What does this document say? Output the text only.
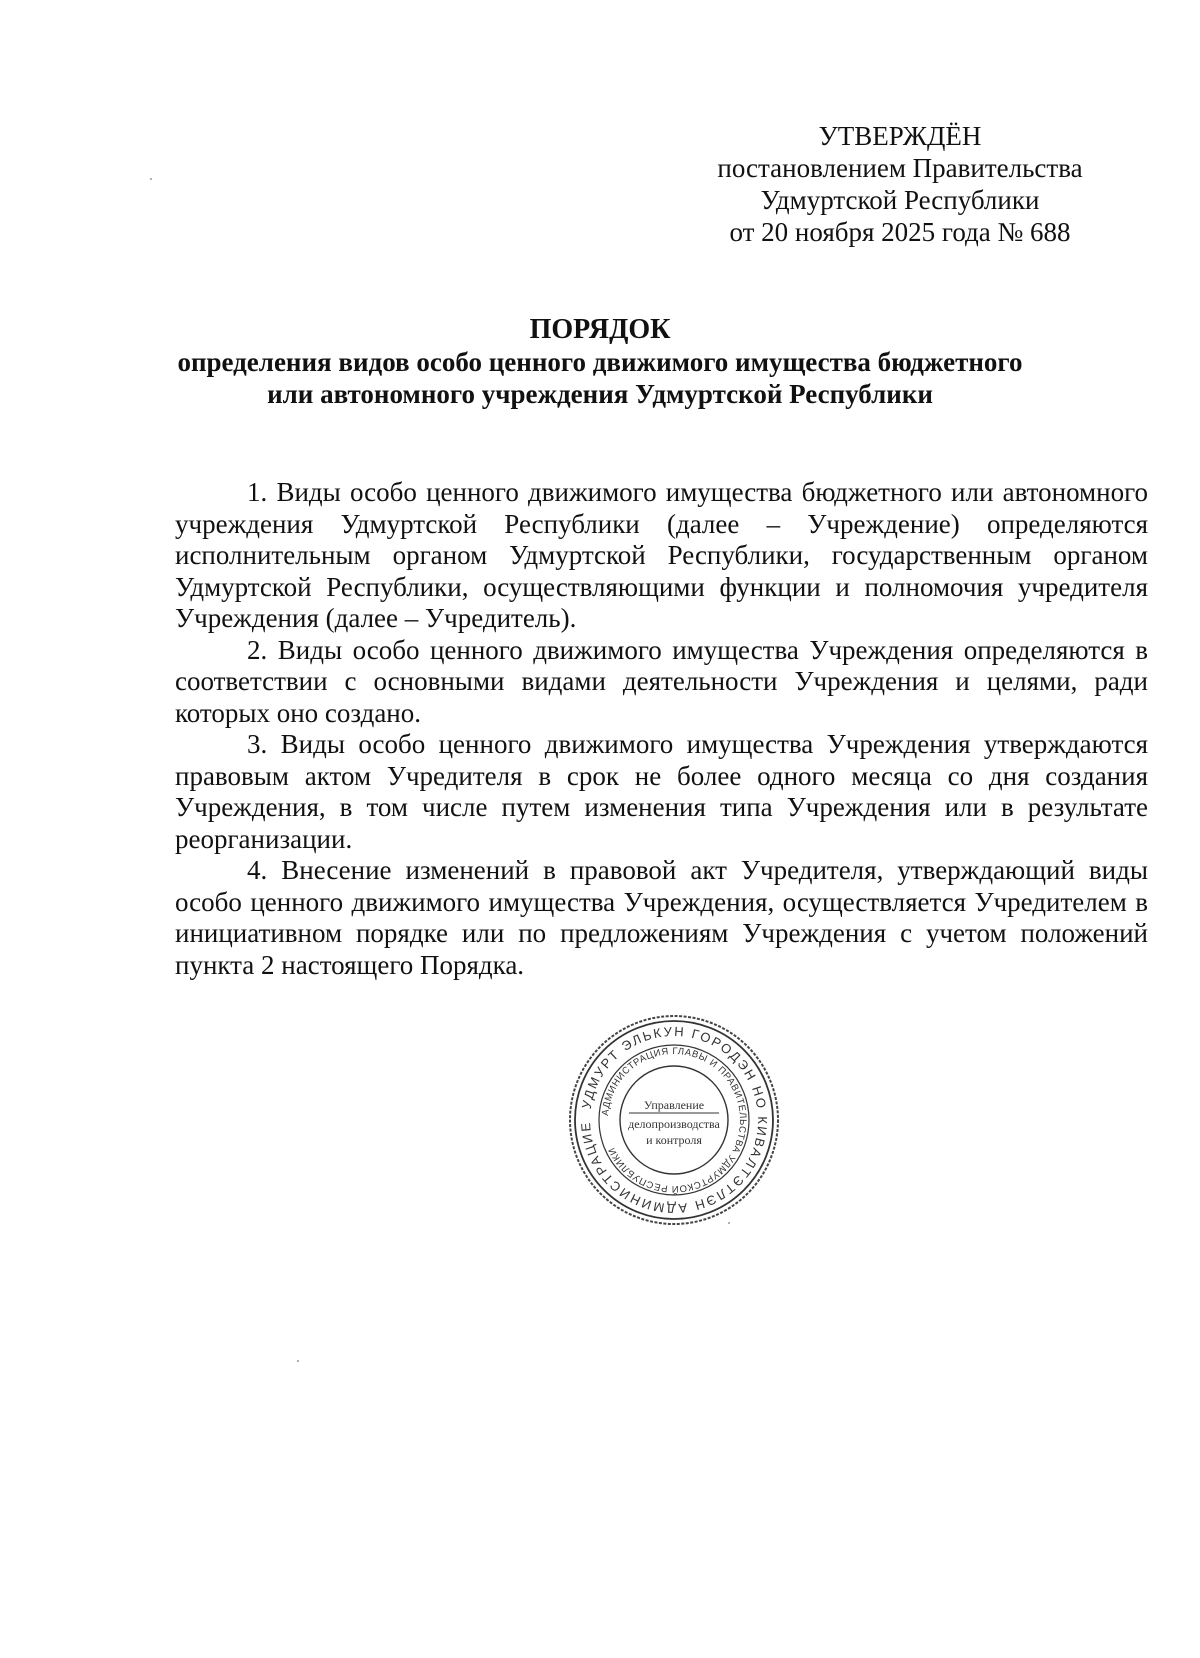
УТВЕРЖДЁН
постановлением Правительства
Удмуртской Республики
от 20 ноября 2025 года № 688
ПОРЯДОК
определения видов особо ценного движимого имущества бюджетного
или автономного учреждения Удмуртской Республики

1. Виды особо ценного движимого имущества бюджетного или автономного учреждения Удмуртской Республики (далее – Учреждение) определяются исполнительным органом Удмуртской Республики, государственным органом Удмуртской Республики, осуществляющими функции и полномочия учредителя Учреждения (далее – Учредитель).

2. Виды особо ценного движимого имущества Учреждения определяются в соответствии с основными видами деятельности Учреждения и целями, ради которых оно создано.

3. Виды особо ценного движимого имущества Учреждения утверждаются правовым актом Учредителя в срок не более одного месяца со дня создания Учреждения, в том числе путем изменения типа Учреждения или в результате реорганизации.

4. Внесение изменений в правовой акт Учредителя, утверждающий виды особо ценного движимого имущества Учреждения, осуществляется Учредителем в инициативном порядке или по предложениям Учреждения с учетом положений пункта 2 настоящего Порядка.

УДМУРТ ЭЛЬКУН ГОРОДЭН НО КИВАЛТЭТЛЭН АДМИНИСТРАЦИЕ
АДМИНИСТРАЦИЯ ГЛАВЫ И ПРАВИТЕЛЬСТВА УДМУРТСКОЙ РЕСПУБЛИКИ
Управление
делопроизводства
и контроля
